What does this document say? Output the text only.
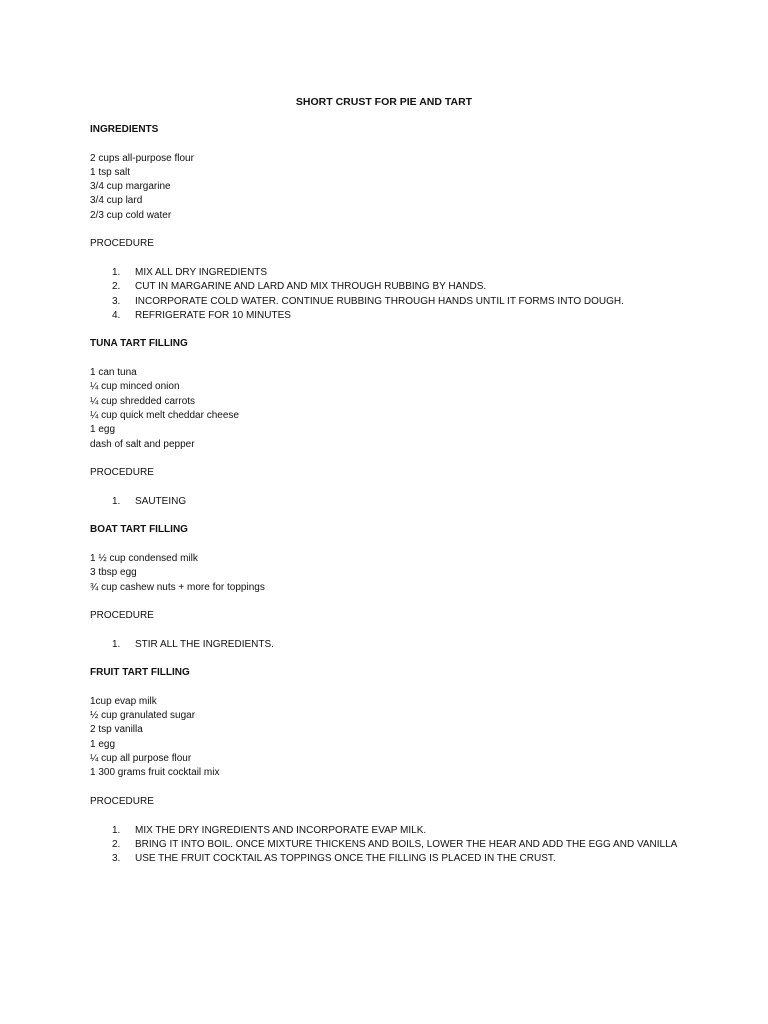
SHORT CRUST FOR PIE AND TART

INGREDIENTS

2 cups all-purpose flour

1 tsp salt

3/4 cup margarine

3/4 cup lard

2/3 cup cold water

PROCEDURE

1. MIX ALL DRY INGREDIENTS
2. CUT IN MARGARINE AND LARD AND MIX THROUGH RUBBING BY HANDS.
3. INCORPORATE COLD WATER. CONTINUE RUBBING THROUGH HANDS UNTIL IT FORMS INTO DOUGH.
4. REFRIGERATE FOR 10 MINUTES

TUNA TART FILLING

1 can tuna

¼ cup minced onion

¼ cup shredded carrots

¼ cup quick melt cheddar cheese

1 egg

dash of salt and pepper

PROCEDURE

1. SAUTEING

BOAT TART FILLING

1 ½ cup condensed milk

3 tbsp egg

¾ cup cashew nuts + more for toppings

PROCEDURE

1. STIR ALL THE INGREDIENTS.

FRUIT TART FILLING

1cup evap milk

½ cup granulated sugar

2 tsp vanilla

1 egg

¼ cup all purpose flour

1 300 grams fruit cocktail mix

PROCEDURE

1. MIX THE DRY INGREDIENTS AND INCORPORATE EVAP MILK.
2. BRING IT INTO BOIL. ONCE MIXTURE THICKENS AND BOILS, LOWER THE HEAR AND ADD THE EGG AND VANILLA
3. USE THE FRUIT COCKTAIL AS TOPPINGS ONCE THE FILLING IS PLACED IN THE CRUST.
